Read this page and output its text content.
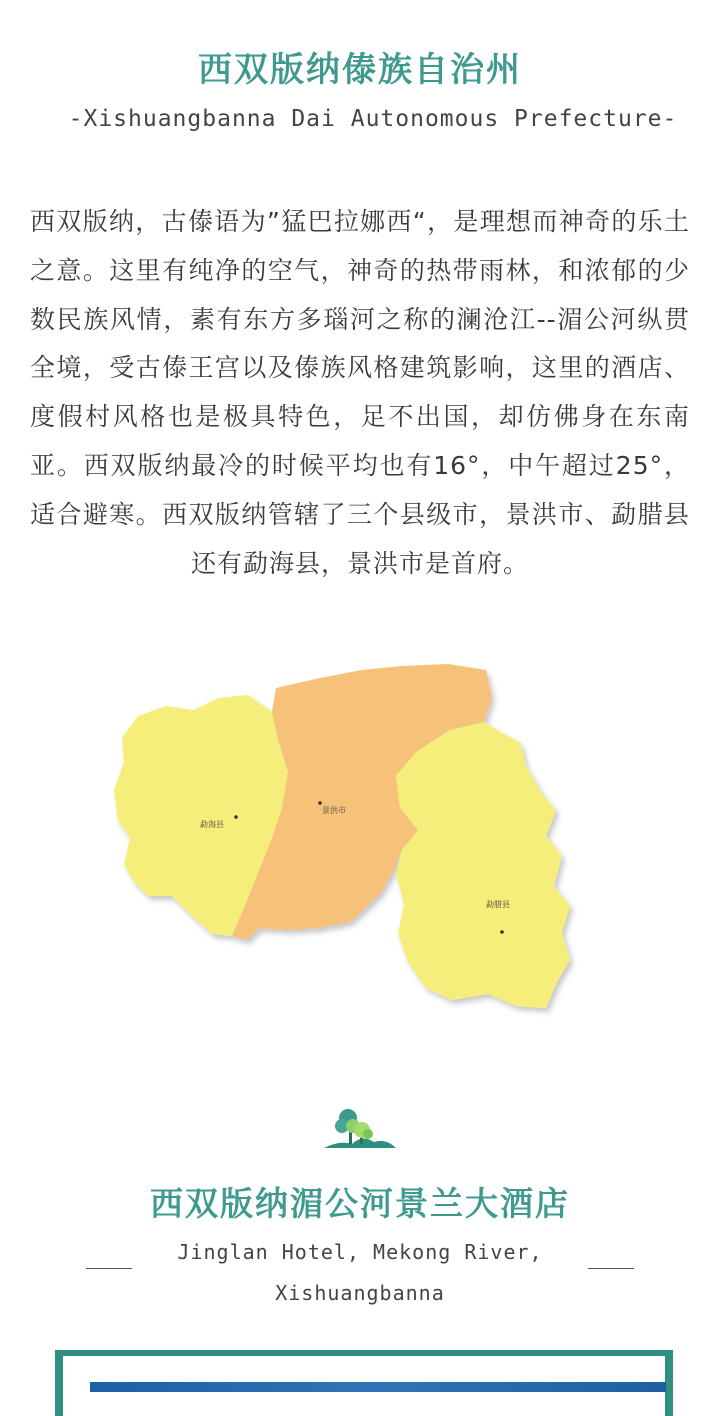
西双版纳傣族自治州
-Xishuangbanna Dai Autonomous Prefecture-

西双版纳，古傣语为”猛巴拉娜西“，是理想而神奇的乐土之意。这里有纯净的空气，神奇的热带雨林，和浓郁的少数民族风情，素有东方多瑙河之称的澜沧江--湄公河纵贯全境，受古傣王宫以及傣族风格建筑影响，这里的酒店、度假村风格也是极具特色，足不出国，却仿佛身在东南亚。西双版纳最冷的时候平均也有16°，中午超过25°，适合避寒。西双版纳管辖了三个县级市，景洪市、勐腊县还有勐海县，景洪市是首府。

勐海县
景洪市
勐腊县
西双版纳湄公河景兰大酒店
Jinglan Hotel, Mekong River,
Xishuangbanna
